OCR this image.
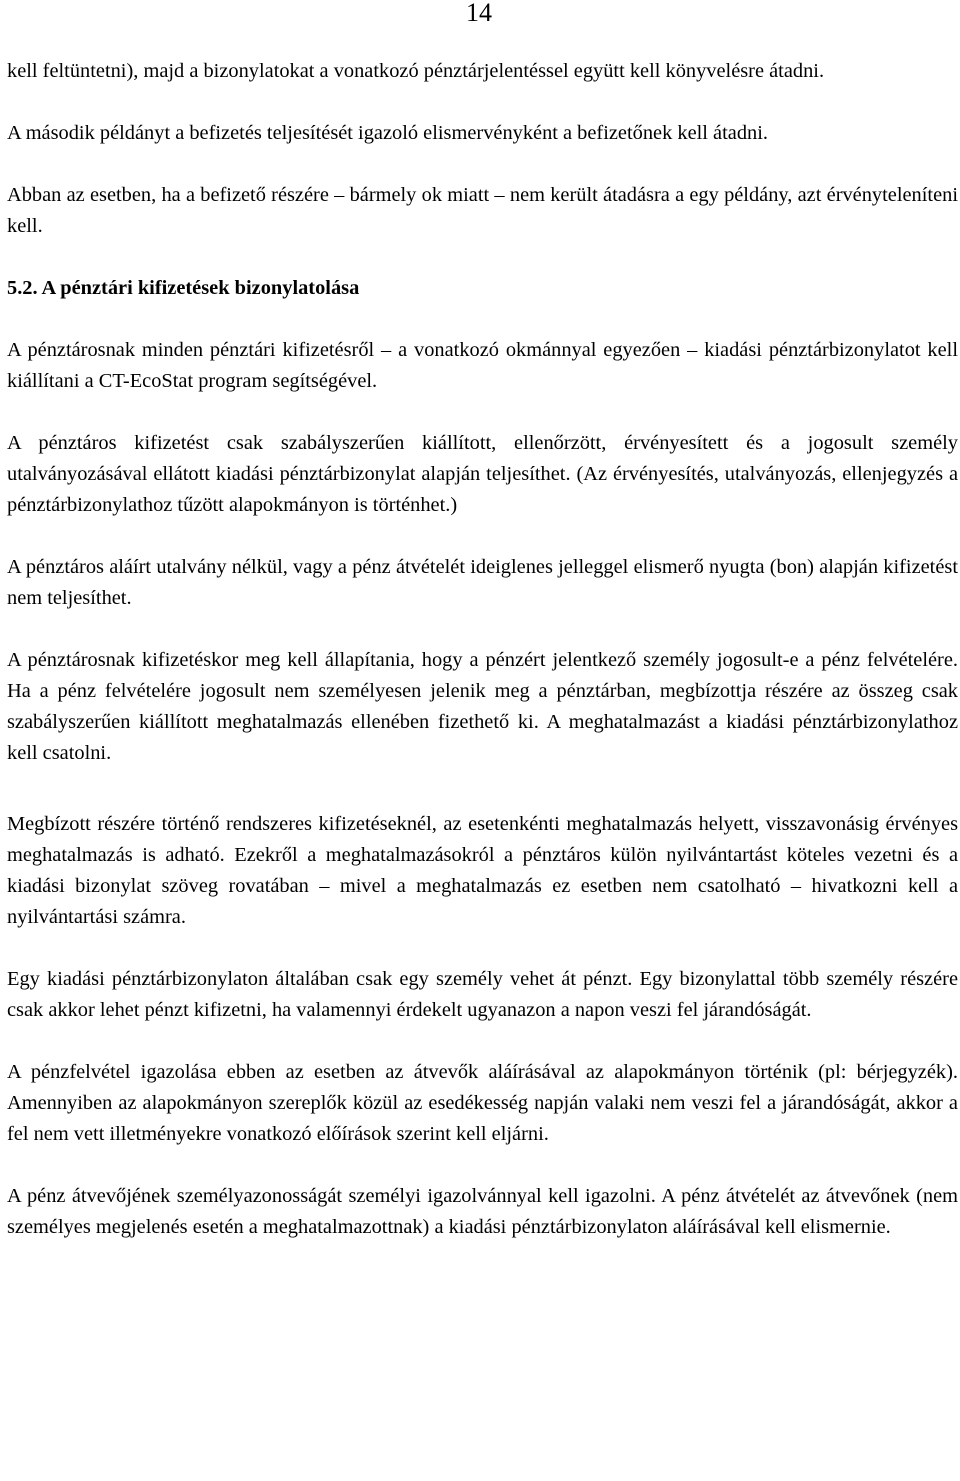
14

kell feltüntetni), majd a bizonylatokat a vonatkozó pénztárjelentéssel együtt kell könyvelésre átadni.

A második példányt a befizetés teljesítését igazoló elismervényként a befizetőnek kell átadni.

Abban az esetben, ha a befizető részére – bármely ok miatt – nem került átadásra a egy példány, azt érvényteleníteni kell.

5.2. A pénztári kifizetések bizonylatolása

A pénztárosnak minden pénztári kifizetésről – a vonatkozó okmánnyal egyezően – kiadási pénztárbizonylatot kell kiállítani a CT-EcoStat program segítségével.

A pénztáros kifizetést csak szabályszerűen kiállított, ellenőrzött, érvényesített és a jogosult személy utalványozásával ellátott kiadási pénztárbizonylat alapján teljesíthet. (Az érvényesítés, utalványozás, ellenjegyzés a pénztárbizonylathoz tűzött alapokmányon is történhet.)

A pénztáros aláírt utalvány nélkül, vagy a pénz átvételét ideiglenes jelleggel elismerő nyugta (bon) alapján kifizetést nem teljesíthet.

A pénztárosnak kifizetéskor meg kell állapítania, hogy a pénzért jelentkező személy jogosult-e a pénz felvételére. Ha a pénz felvételére jogosult nem személyesen jelenik meg a pénztárban, megbízottja részére az összeg csak szabályszerűen kiállított meghatalmazás ellenében fizethető ki. A meghatalmazást a kiadási pénztárbizonylathoz kell csatolni.

Megbízott részére történő rendszeres kifizetéseknél, az esetenkénti meghatalmazás helyett, visszavonásig érvényes meghatalmazás is adható. Ezekről a meghatalmazásokról a pénztáros külön nyilvántartást köteles vezetni és a kiadási bizonylat szöveg rovatában – mivel a meghatalmazás ez esetben nem csatolható – hivatkozni kell a nyilvántartási számra.

Egy kiadási pénztárbizonylaton általában csak egy személy vehet át pénzt. Egy bizonylattal több személy részére csak akkor lehet pénzt kifizetni, ha valamennyi érdekelt ugyanazon a napon veszi fel járandóságát.

A pénzfelvétel igazolása ebben az esetben az átvevők aláírásával az alapokmányon történik (pl: bérjegyzék). Amennyiben az alapokmányon szereplők közül az esedékesség napján valaki nem veszi fel a járandóságát, akkor a fel nem vett illetményekre vonatkozó előírások szerint kell eljárni.

A pénz átvevőjének személyazonosságát személyi igazolvánnyal kell igazolni. A pénz átvételét az átvevőnek (nem személyes megjelenés esetén a meghatalmazottnak) a kiadási pénztárbizonylaton aláírásával kell elismernie.
